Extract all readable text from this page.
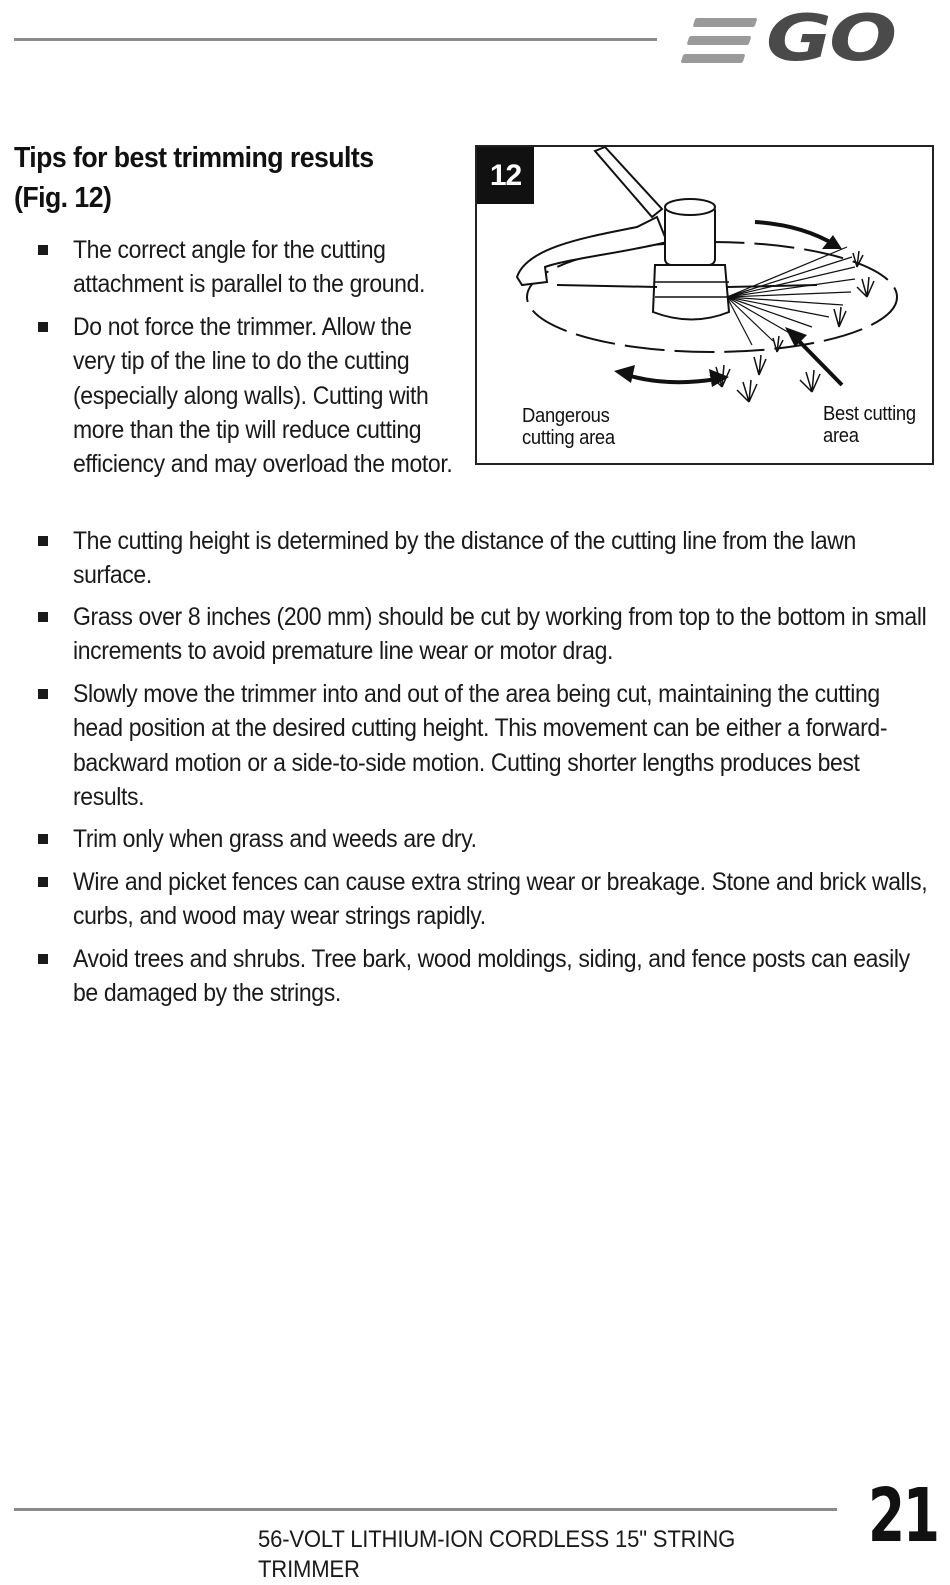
GO
Tips for best trimming results (Fig. 12)
The correct angle for the cutting attachment is parallel to the ground.
Do not force the trimmer. Allow the very tip of the line to do the cutting (especially along walls). Cutting with more than the tip will reduce cutting efficiency and may overload the motor.
The cutting height is determined by the distance of the cutting line from the lawn surface.
Grass over 8 inches (200 mm) should be cut by working from top to the bottom in small increments to avoid premature line wear or motor drag.
Slowly move the trimmer into and out of the area being cut, maintaining the cutting head position at the desired cutting height. This movement can be either a forward-backward motion or a side-to-side motion. Cutting shorter lengths produces best results.
Trim only when grass and weeds are dry.
Wire and picket fences can cause extra string wear or breakage. Stone and brick walls, curbs, and wood may wear strings rapidly.
Avoid trees and shrubs. Tree bark, wood moldings, siding, and fence posts can easily be damaged by the strings.
12
Dangerous cutting area
Best cutting area
56-VOLT LITHIUM-ION CORDLESS 15" STRING TRIMMER
21
